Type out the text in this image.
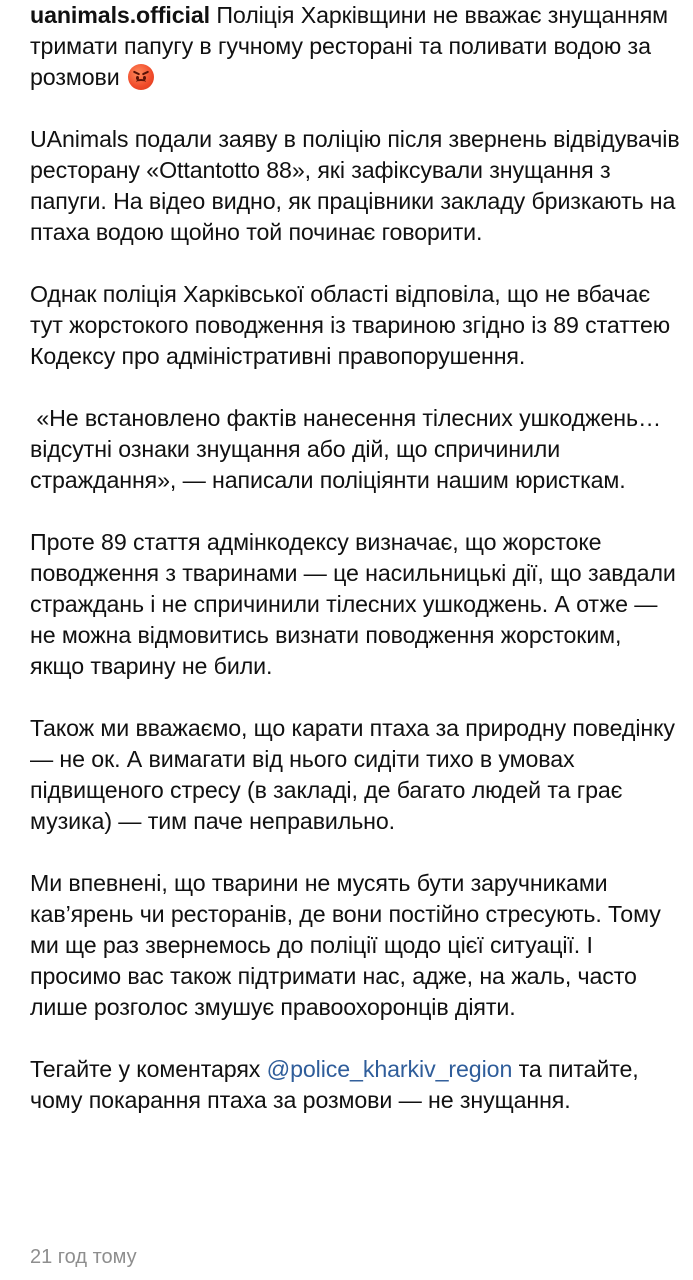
uanimals.official Поліція Харківщини не вважає знущанням тримати папугу в гучному ресторані та поливати водою за розмови

UAnimals подали заяву в поліцію після звернень відвідувачів ресторану «Ottantotto 88», які зафіксували знущання з папуги. На відео видно, як працівники закладу бризкають на птаха водою щойно той починає говорити.

Однак поліція Харківської області відповіла, що не вбачає тут жорстокого поводження із твариною згідно із 89 статтею Кодексу про адміністративні правопорушення.

«Не встановлено фактів нанесення тілесних ушкоджень… відсутні ознаки знущання або дій, що спричинили страждання», — написали поліціянти нашим юристкам.

Проте 89 стаття адмінкодексу визначає, що жорстоке поводження з тваринами — це насильницькі дії, що завдали страждань і не спричинили тілесних ушкоджень. А отже — не можна відмовитись визнати поводження жорстоким, якщо тварину не били.

Також ми вважаємо, що карати птаха за природну поведінку — не ок. А вимагати від нього сидіти тихо в умовах підвищеного стресу (в закладі, де багато людей та грає музика) — тим паче неправильно.

Ми впевнені, що тварини не мусять бути заручниками кав’ярень чи ресторанів, де вони постійно стресують. Тому ми ще раз звернемось до поліції щодо цієї ситуації. І просимо вас також підтримати нас, адже, на жаль, часто лише розголос змушує правоохоронців діяти.

Тегайте у коментарях @police_kharkiv_region та питайте, чому покарання птаха за розмови — не знущання.

21 год тому
